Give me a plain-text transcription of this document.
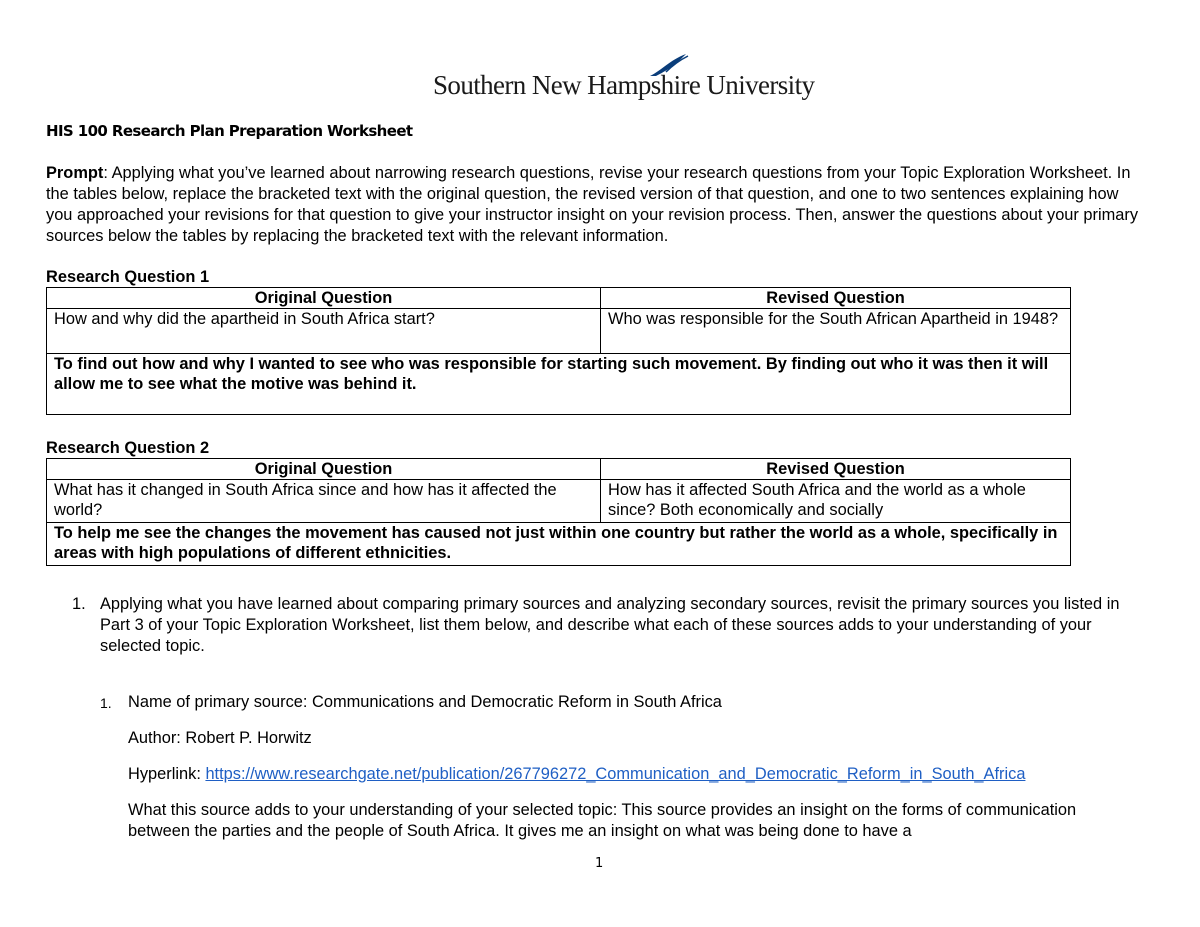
Southern New Hampshire University
HIS 100 Research Plan Preparation Worksheet
Prompt: Applying what you’ve learned about narrowing research questions, revise your research questions from your Topic Exploration Worksheet. In the tables below, replace the bracketed text with the original question, the revised version of that question, and one to two sentences explaining how you approached your revisions for that question to give your instructor insight on your revision process. Then, answer the questions about your primary sources below the tables by replacing the bracketed text with the relevant information.
Research Question 1
Original Question	Revised Question
How and why did the apartheid in South Africa start?	Who was responsible for the South African Apartheid in 1948?
To find out how and why I wanted to see who was responsible for starting such movement. By finding out who it was then it will allow me to see what the motive was behind it.	
Research Question 2
Original Question	Revised Question
What has it changed in South Africa since and how has it affected the world?	How has it affected South Africa and the world as a whole since? Both economically and socially
To help me see the changes the movement has caused not just within one country but rather the world as a whole, specifically in areas with high populations of different ethnicities.	
1. Applying what you have learned about comparing primary sources and analyzing secondary sources, revisit the primary sources you listed in Part 3 of your Topic Exploration Worksheet, list them below, and describe what each of these sources adds to your understanding of your selected topic.
1. Name of primary source: Communications and Democratic Reform in South Africa
Author: Robert P. Horwitz
Hyperlink: https://www.researchgate.net/publication/267796272_Communication_and_Democratic_Reform_in_South_Africa
What this source adds to your understanding of your selected topic: This source provides an insight on the forms of communication between the parties and the people of South Africa. It gives me an insight on what was being done to have a
1
